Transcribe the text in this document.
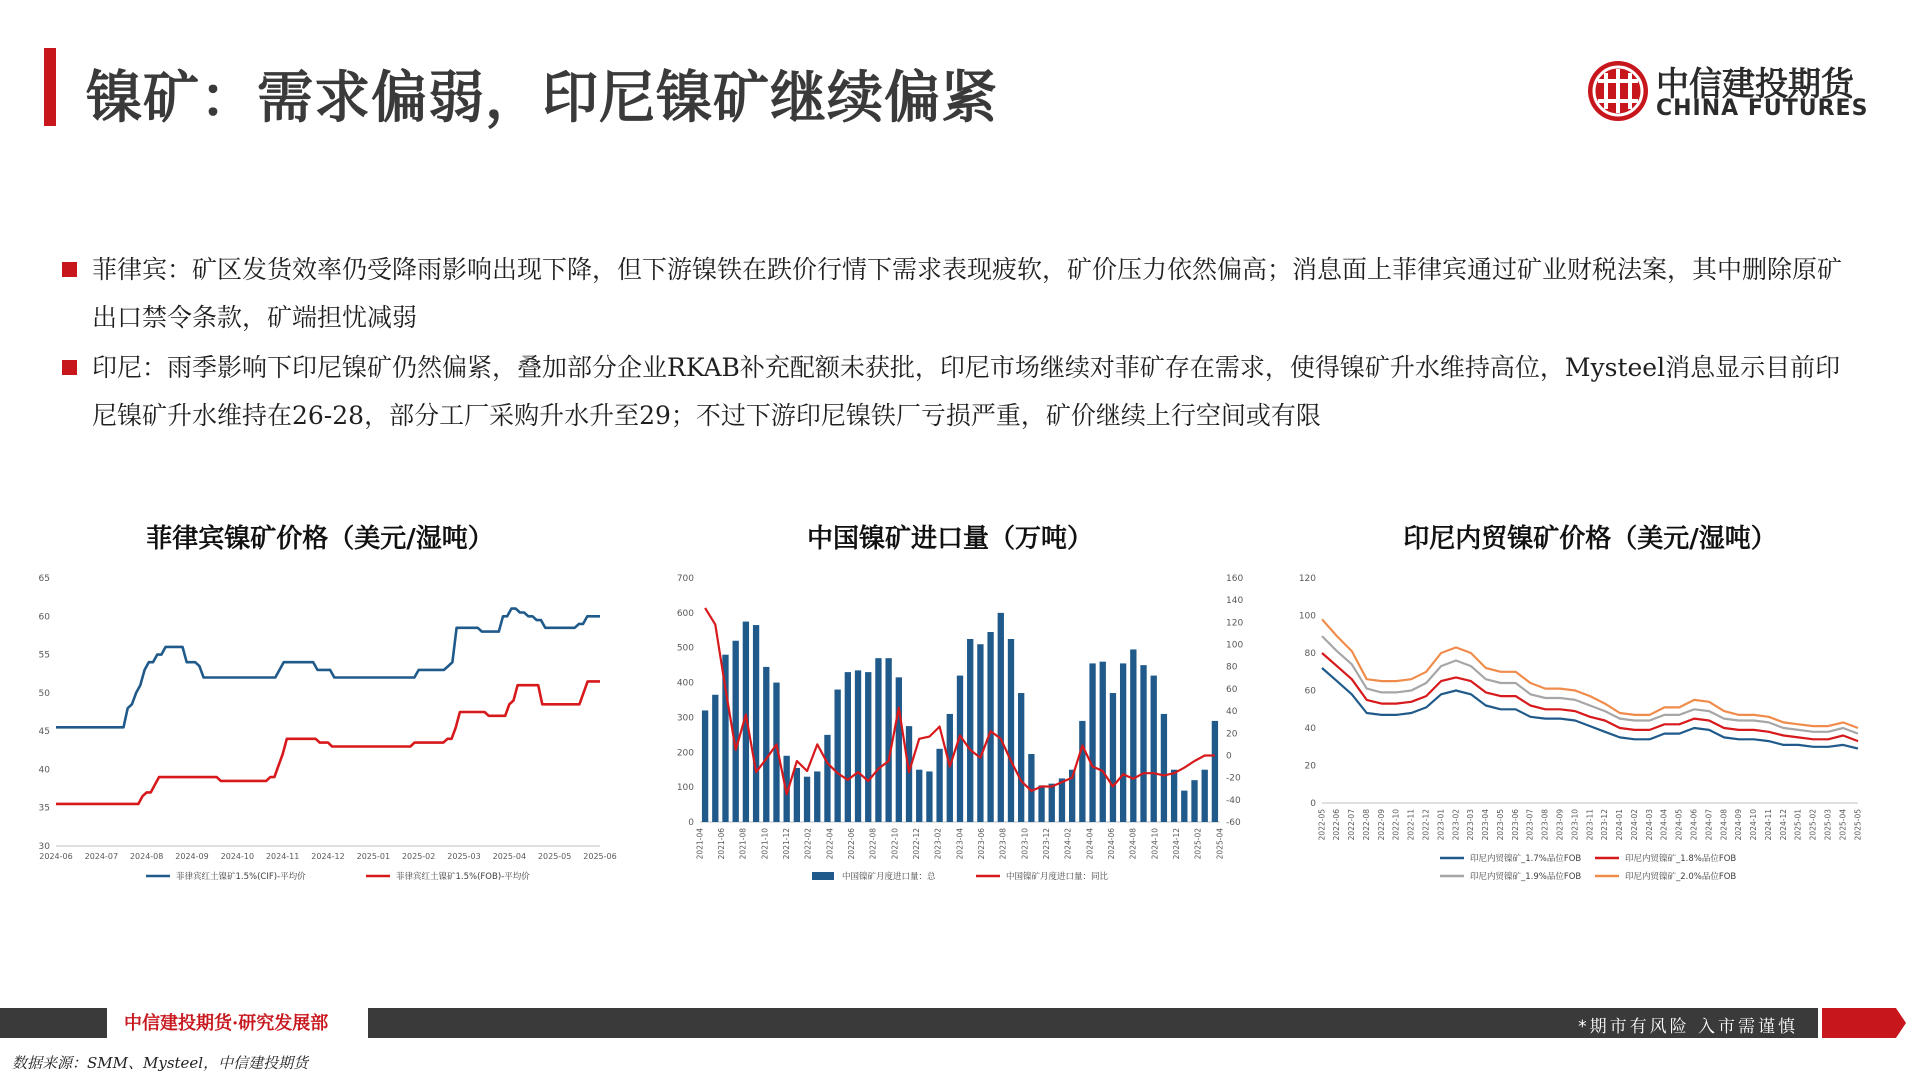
镍矿：需求偏弱，印尼镍矿继续偏紧	中信建投期货
CHINA FUTURES
菲律宾：矿区发货效率仍受降雨影响出现下降，但下游镍铁在跌价行情下需求表现疲软，矿价压力依然偏高；消息面上菲律宾通过矿业财税法案，其中删除原矿出口禁令条款，矿端担忧减弱
印尼：雨季影响下印尼镍矿仍然偏紧，叠加部分企业RKAB补充配额未获批，印尼市场继续对菲矿存在需求，使得镍矿升水维持高位，Mysteel消息显示目前印尼镍矿升水维持在26-28，部分工厂采购升水升至29；不过下游印尼镍铁厂亏损严重，矿价继续上行空间或有限
菲律宾镍矿价格（美元/湿吨）	中国镍矿进口量（万吨）	印尼内贸镍矿价格（美元/湿吨）
30
35
40
45
50
55
60
65
2024-06 2024-07 2024-08 2024-09 2024-10 2024-11 2024-12 2025-01 2025-02 2025-03 2025-04 2025-05 2025-06
菲律宾红土镍矿1.5%(CIF)-平均价	菲律宾红土镍矿1.5%(FOB)-平均价
0
100
200
300
400
500
600
700
-60
-40
-20
0
20
40
60
80
100
120
140
160
2021-04 2021-06 2021-08 2021-10 2021-12 2022-02 2022-04 2022-06 2022-08 2022-10 2022-12 2023-02 2023-04 2023-06 2023-08 2023-10 2023-12 2024-02 2024-04 2024-06 2024-08 2024-10 2024-12 2025-02 2025-04
中国镍矿月度进口量：总	中国镍矿月度进口量：同比
0
20
40
60
80
100
120
2022-05 2022-06 2022-07 2022-08 2022-09 2022-10 2022-11 2022-12 2023-01 2023-02 2023-03 2023-04 2023-05 2023-06 2023-07 2023-08 2023-09 2023-10 2023-11 2023-12 2024-01 2024-02 2024-03 2024-04 2024-05 2024-06 2024-07 2024-08 2024-09 2024-10 2024-11 2024-12 2025-01 2025-02 2025-03 2025-04 2025-05
印尼内贸镍矿_1.7%品位FOB	印尼内贸镍矿_1.8%品位FOB
印尼内贸镍矿_1.9%品位FOB	印尼内贸镍矿_2.0%品位FOB
中信建投期货·研究发展部	*期市有风险 入市需谨慎
数据来源：SMM、Mysteel，中信建投期货
